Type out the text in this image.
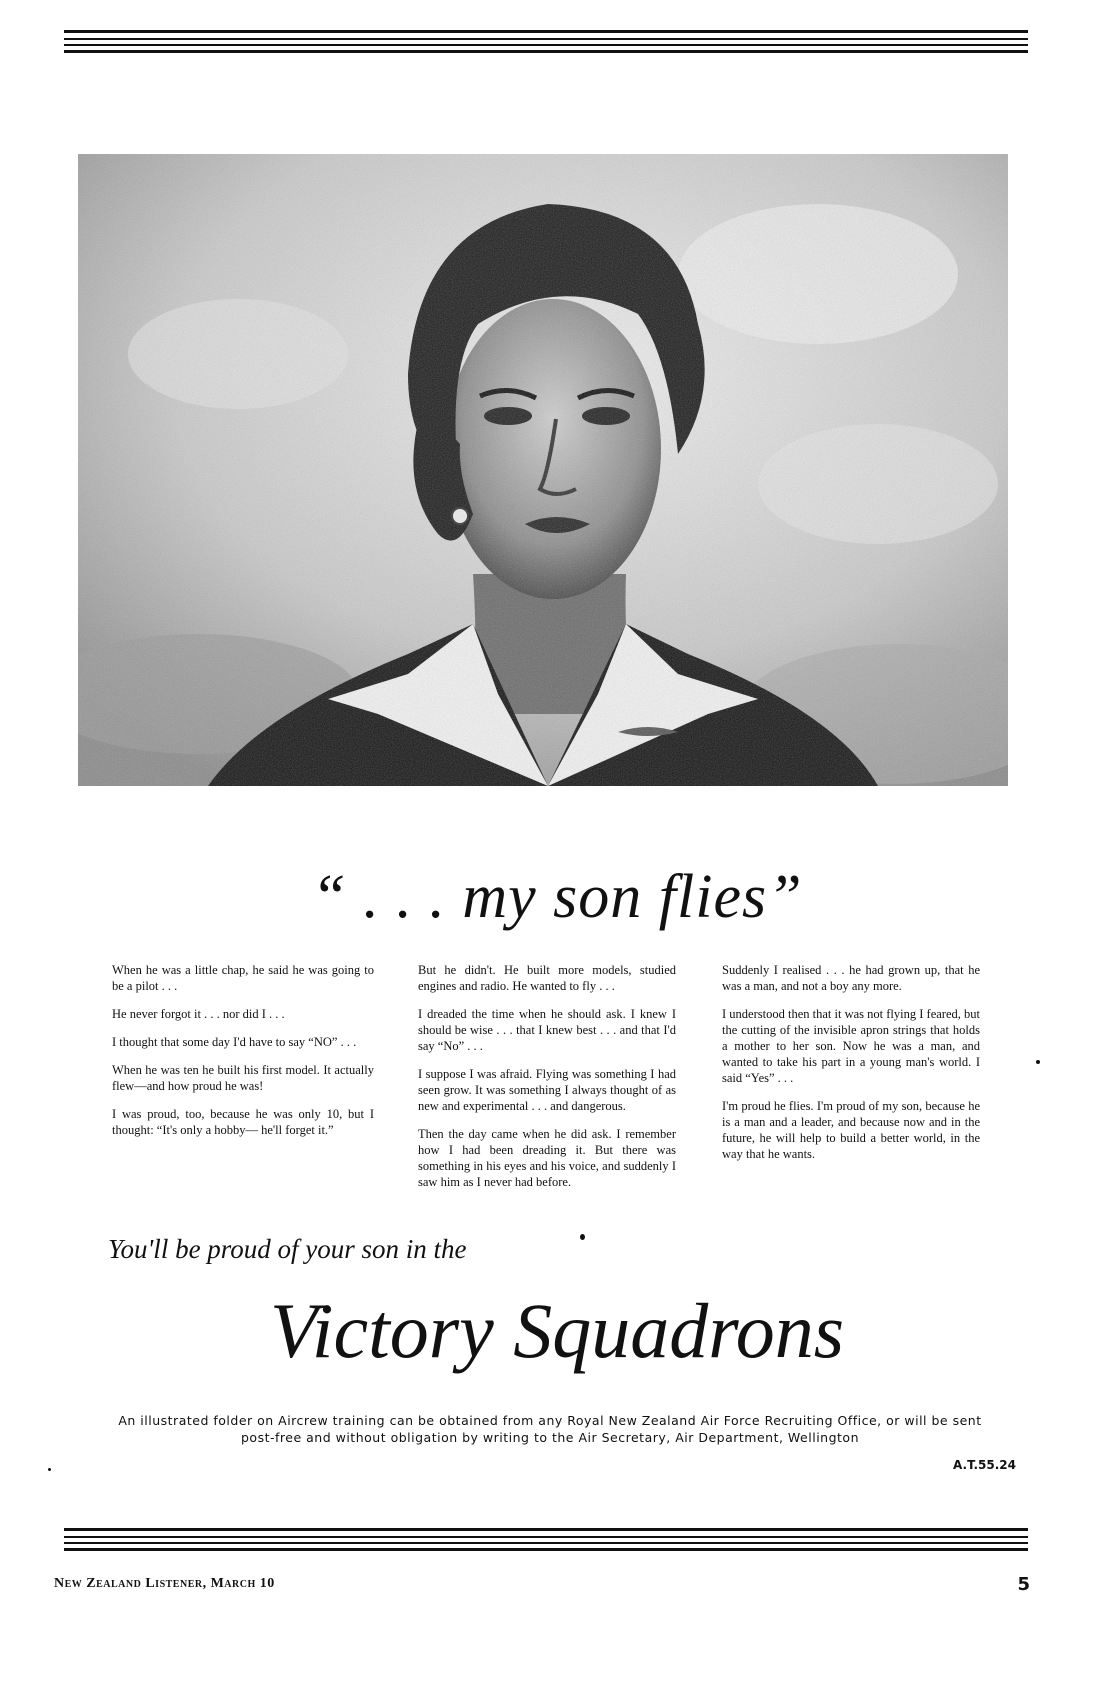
“ . . . my son flies”

When he was a little chap, he said he was going to be a pilot . . .

He never forgot it . . . nor did I . . .

I thought that some day I'd have to say “NO” . . .

When he was ten he built his first model. It actually flew—and how proud he was!

I was proud, too, because he was only 10, but I thought: “It's only a hobby— he'll forget it.”

But he didn't. He built more models, studied engines and radio. He wanted to fly . . .

I dreaded the time when he should ask. I knew I should be wise . . . that I knew best . . . and that I'd say “No” . . .

I suppose I was afraid. Flying was something I had seen grow. It was something I always thought of as new and experimental . . . and dangerous.

Then the day came when he did ask. I remember how I had been dreading it. But there was something in his eyes and his voice, and suddenly I saw him as I never had before.

Suddenly I realised . . . he had grown up, that he was a man, and not a boy any more.

I understood then that it was not flying I feared, but the cutting of the invisible apron strings that holds a mother to her son. Now he was a man, and wanted to take his part in a young man's world. I said “Yes” . . .

I'm proud he flies. I'm proud of my son, because he is a man and a leader, and because now and in the future, he will help to build a better world, in the way that he wants.

You'll be proud of your son in the
Victory Squadrons
An illustrated folder on Aircrew training can be obtained from any Royal New Zealand Air Force Recruiting Office, or will be sent post-free and without obligation by writing to the Air Secretary, Air Department, Wellington
A.T.55.24
New Zealand Listener, March 10	5
